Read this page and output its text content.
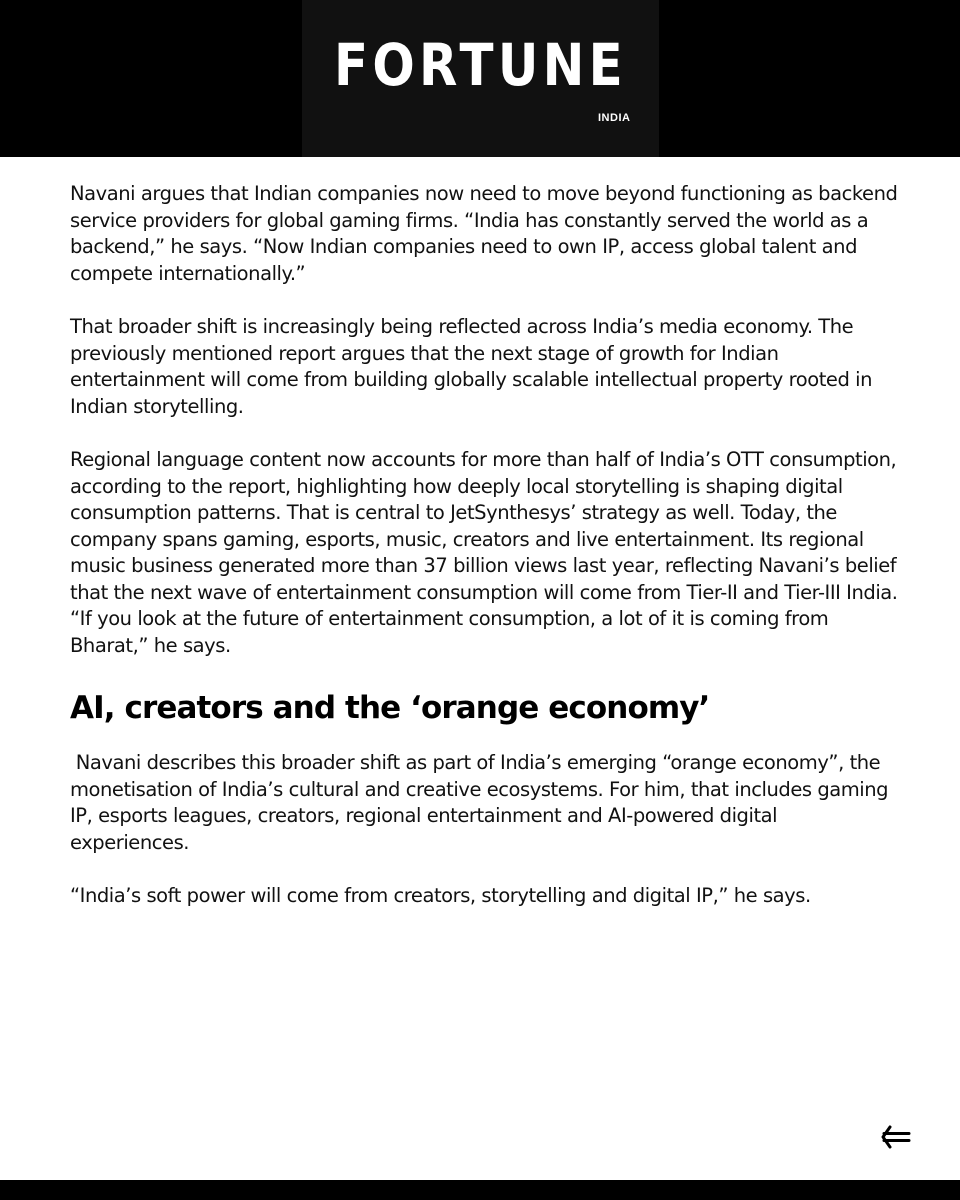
FORTUNE
INDIA

Navani argues that Indian companies now need to move beyond functioning as backend service providers for global gaming firms. “India has constantly served the world as a backend,” he says. “Now Indian companies need to own IP, access global talent and compete internationally.”

That broader shift is increasingly being reflected across India’s media economy. The previously mentioned report argues that the next stage of growth for Indian entertainment will come from building globally scalable intellectual property rooted in Indian storytelling.

Regional language content now accounts for more than half of India’s OTT consumption, according to the report, highlighting how deeply local storytelling is shaping digital consumption patterns. That is central to JetSynthesys’ strategy as well. Today, the company spans gaming, esports, music, creators and live entertainment. Its regional music business generated more than 37 billion views last year, reflecting Navani’s belief that the next wave of entertainment consumption will come from Tier-II and Tier-III India. “If you look at the future of entertainment consumption, a lot of it is coming from Bharat,” he says.

AI, creators and the ‘orange economy’

Navani describes this broader shift as part of India’s emerging “orange economy”, the monetisation of India’s cultural and creative ecosystems. For him, that includes gaming IP, esports leagues, creators, regional entertainment and AI-powered digital experiences.

“India’s soft power will come from creators, storytelling and digital IP,” he says.
